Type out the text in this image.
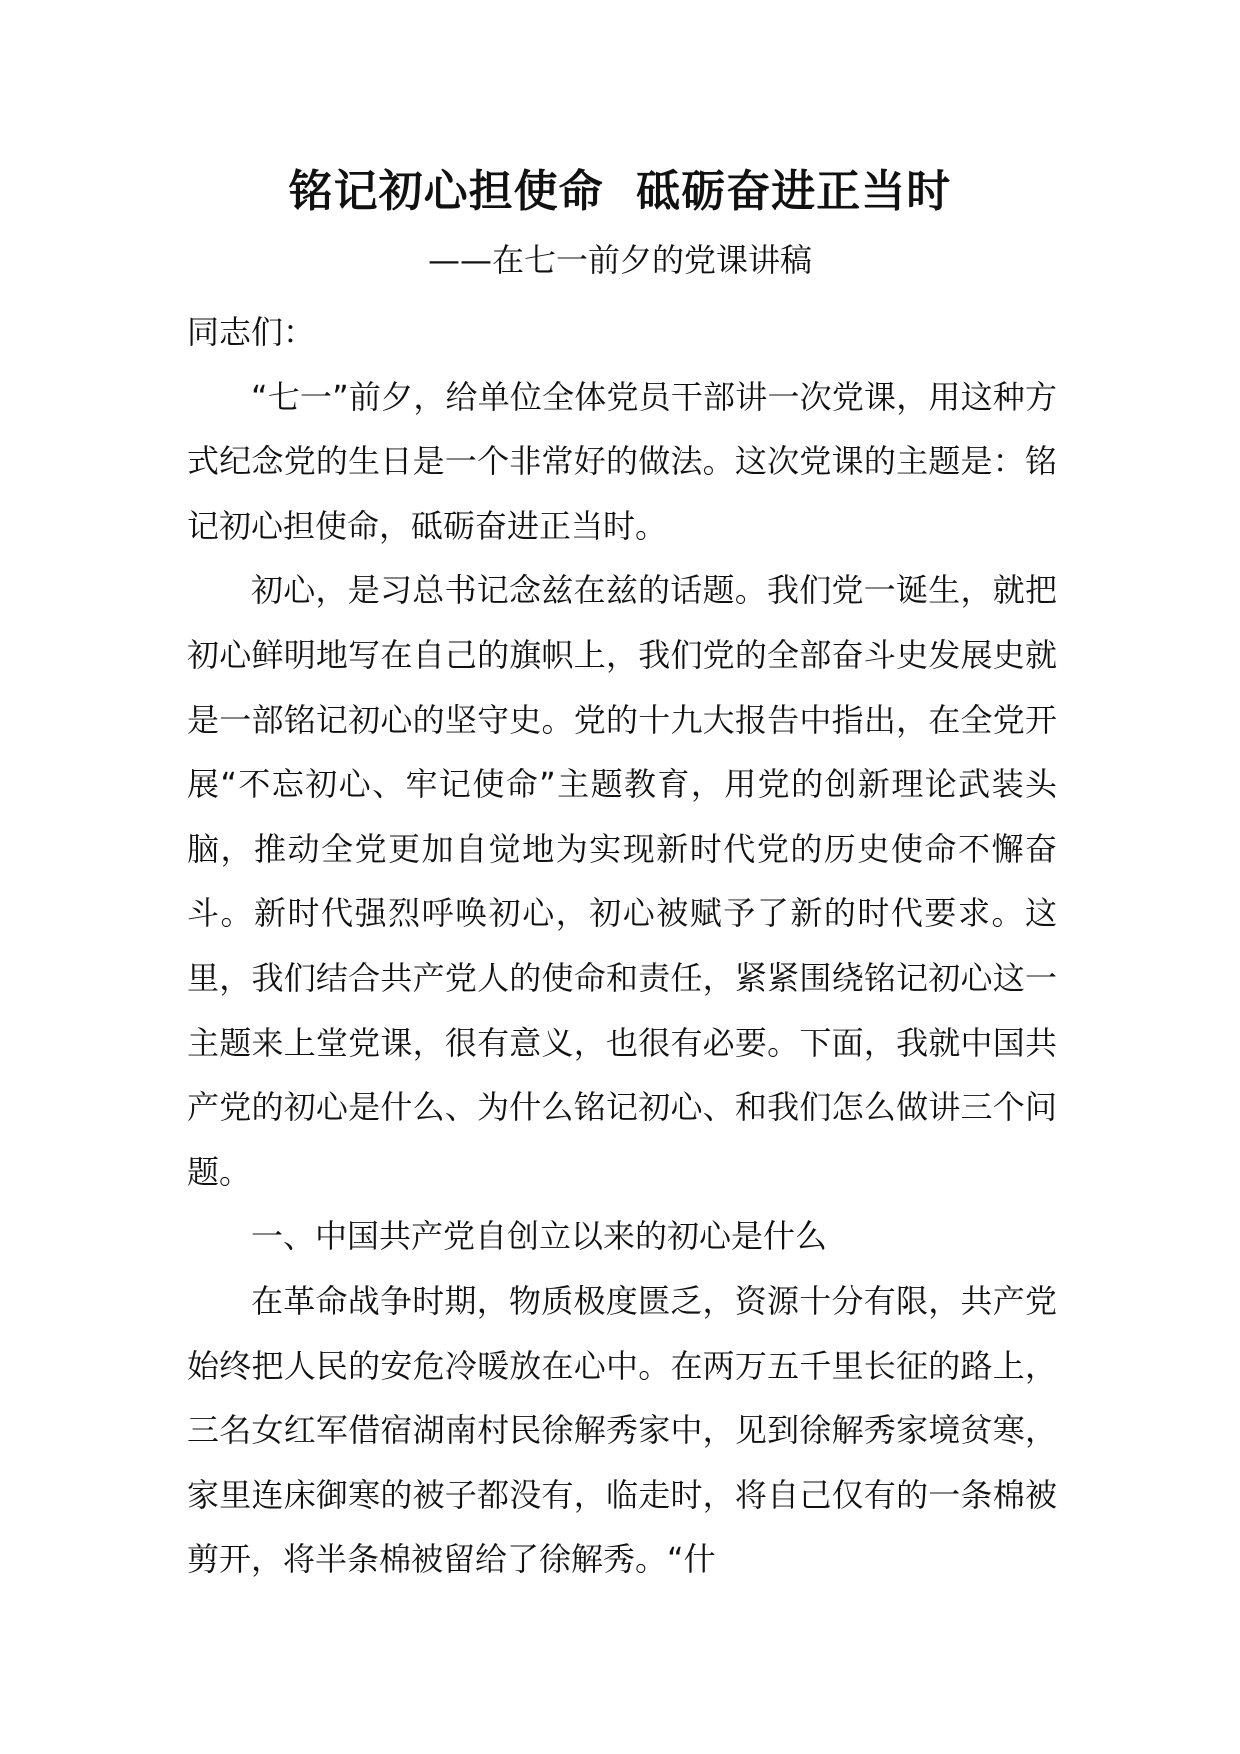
铭记初心担使命  砥砺奋进正当时
——在七一前夕的党课讲稿

同志们：

“七一”前夕，给单位全体党员干部讲一次党课，用这种方式纪念党的生日是一个非常好的做法。这次党课的主题是：铭记初心担使命，砥砺奋进正当时。

初心，是习总书记念兹在兹的话题。我们党一诞生，就把初心鲜明地写在自己的旗帜上，我们党的全部奋斗史发展史就是一部铭记初心的坚守史。党的十九大报告中指出，在全党开展“不忘初心、牢记使命”主题教育，用党的创新理论武装头脑，推动全党更加自觉地为实现新时代党的历史使命不懈奋斗。新时代强烈呼唤初心，初心被赋予了新的时代要求。这里，我们结合共产党人的使命和责任，紧紧围绕铭记初心这一主题来上堂党课，很有意义，也很有必要。下面，我就中国共产党的初心是什么、为什么铭记初心、和我们怎么做讲三个问题。

一、中国共产党自创立以来的初心是什么

在革命战争时期，物质极度匮乏，资源十分有限，共产党始终把人民的安危冷暖放在心中。在两万五千里长征的路上，三名女红军借宿湖南村民徐解秀家中，见到徐解秀家境贫寒，家里连床御寒的被子都没有，临走时，将自己仅有的一条棉被剪开，将半条棉被留给了徐解秀。“什
